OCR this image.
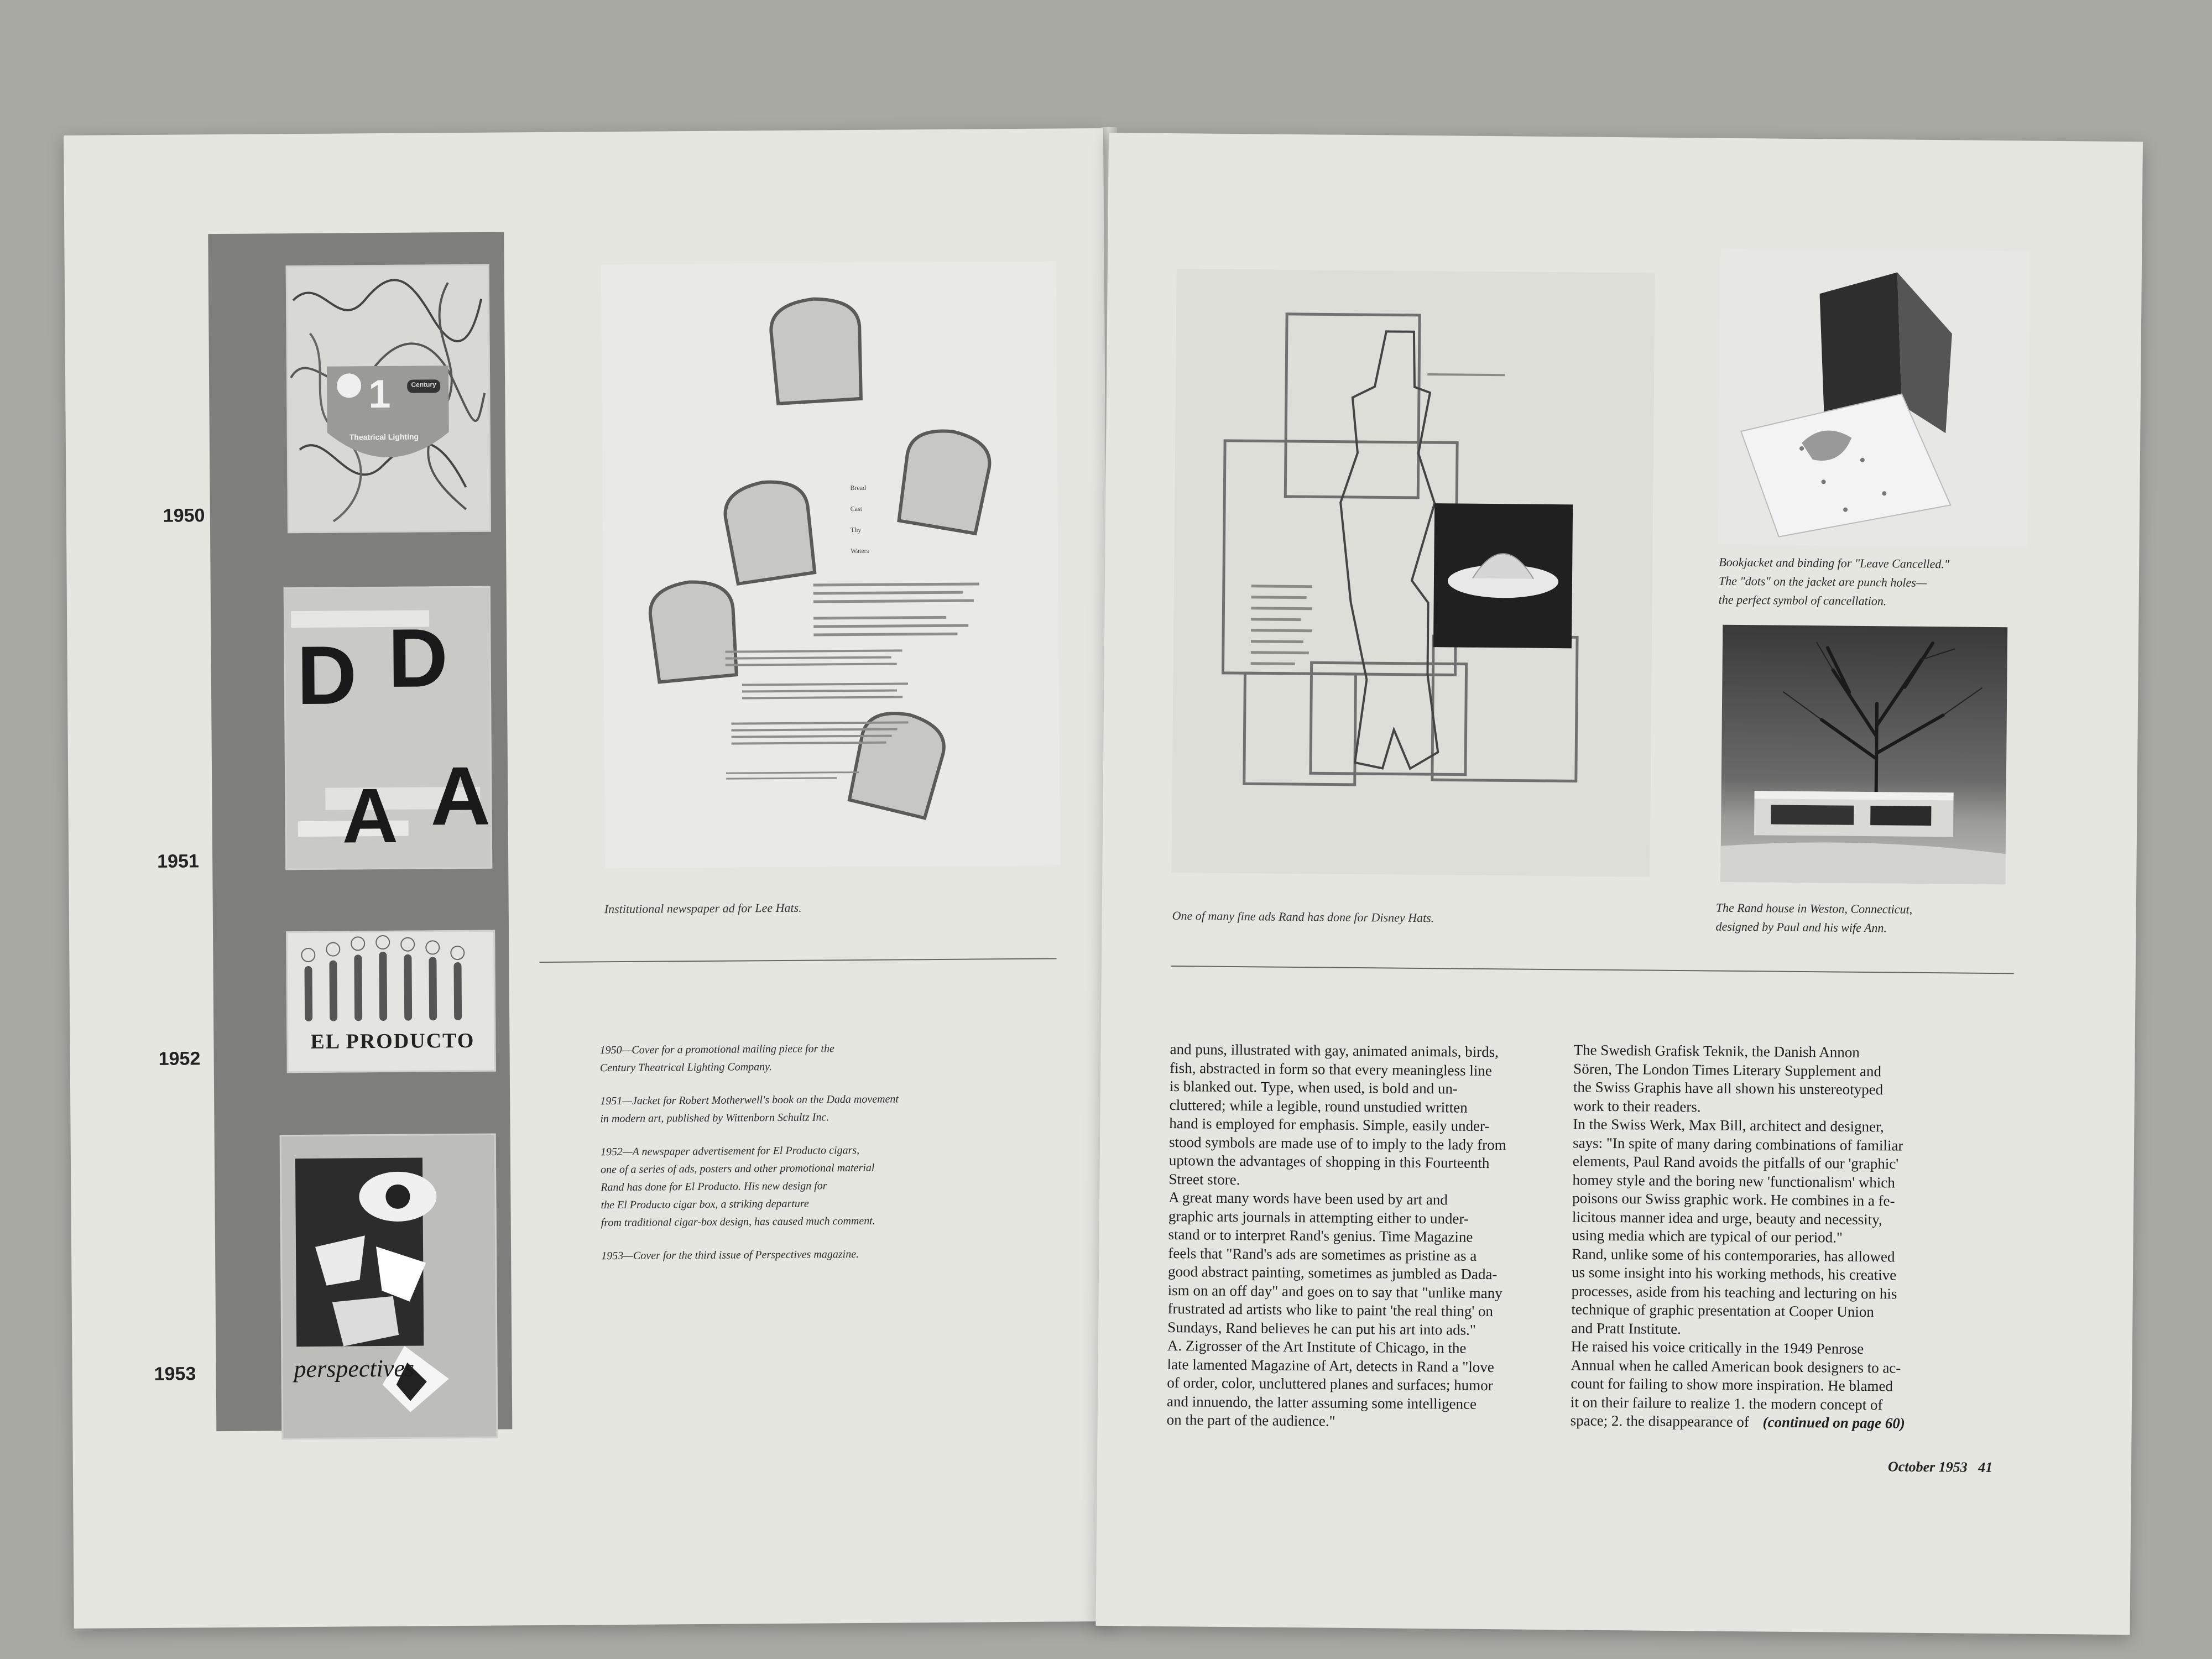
1950
1951
1952
1953
Century
1
Theatrical Lighting
D
A
D
A
EL PRODUCTO
perspectives
Bread
Cast
Thy
Waters
Institutional newspaper ad for Lee Hats.

1950—Cover for a promotional mailing piece for the
Century Theatrical Lighting Company.

1951—Jacket for Robert Motherwell's book on the Dada movement
in modern art, published by Wittenborn Schultz Inc.

1952—A newspaper advertisement for El Producto cigars,
one of a series of ads, posters and other promotional material
Rand has done for El Producto. His new design for
the El Producto cigar box, a striking departure
from traditional cigar-box design, has caused much comment.

1953—Cover for the third issue of Perspectives magazine.

One of many fine ads Rand has done for Disney Hats.
Bookjacket and binding for "Leave Cancelled."
The "dots" on the jacket are punch holes—
the perfect symbol of cancellation.
The Rand house in Weston, Connecticut,
designed by Paul and his wife Ann.
and puns, illustrated with gay, animated animals, birds,
fish, abstracted in form so that every meaningless line
is blanked out. Type, when used, is bold and un-
cluttered; while a legible, round unstudied written
hand is employed for emphasis. Simple, easily under-
stood symbols are made use of to imply to the lady from
uptown the advantages of shopping in this Fourteenth
Street store.
A great many words have been used by art and
graphic arts journals in attempting either to under-
stand or to interpret Rand's genius. Time Magazine
feels that "Rand's ads are sometimes as pristine as a
good abstract painting, sometimes as jumbled as Dada-
ism on an off day" and goes on to say that "unlike many
frustrated ad artists who like to paint 'the real thing' on
Sundays, Rand believes he can put his art into ads."
A. Zigrosser of the Art Institute of Chicago, in the
late lamented Magazine of Art, detects in Rand a "love
of order, color, uncluttered planes and surfaces; humor
and innuendo, the latter assuming some intelligence
on the part of the audience."
The Swedish Grafisk Teknik, the Danish Annon
Sören, The London Times Literary Supplement and
the Swiss Graphis have all shown his unstereotyped
work to their readers.
In the Swiss Werk, Max Bill, architect and designer,
says: "In spite of many daring combinations of familiar
elements, Paul Rand avoids the pitfalls of our 'graphic'
homey style and the boring new 'functionalism' which
poisons our Swiss graphic work. He combines in a fe-
licitous manner idea and urge, beauty and necessity,
using media which are typical of our period."
Rand, unlike some of his contemporaries, has allowed
us some insight into his working methods, his creative
processes, aside from his teaching and lecturing on his
technique of graphic presentation at Cooper Union
and Pratt Institute.
He raised his voice critically in the 1949 Penrose
Annual when he called American book designers to ac-
count for failing to show more inspiration. He blamed
it on their failure to realize 1. the modern concept of
space; 2. the disappearance of (continued on page 60)
October 1953   41
